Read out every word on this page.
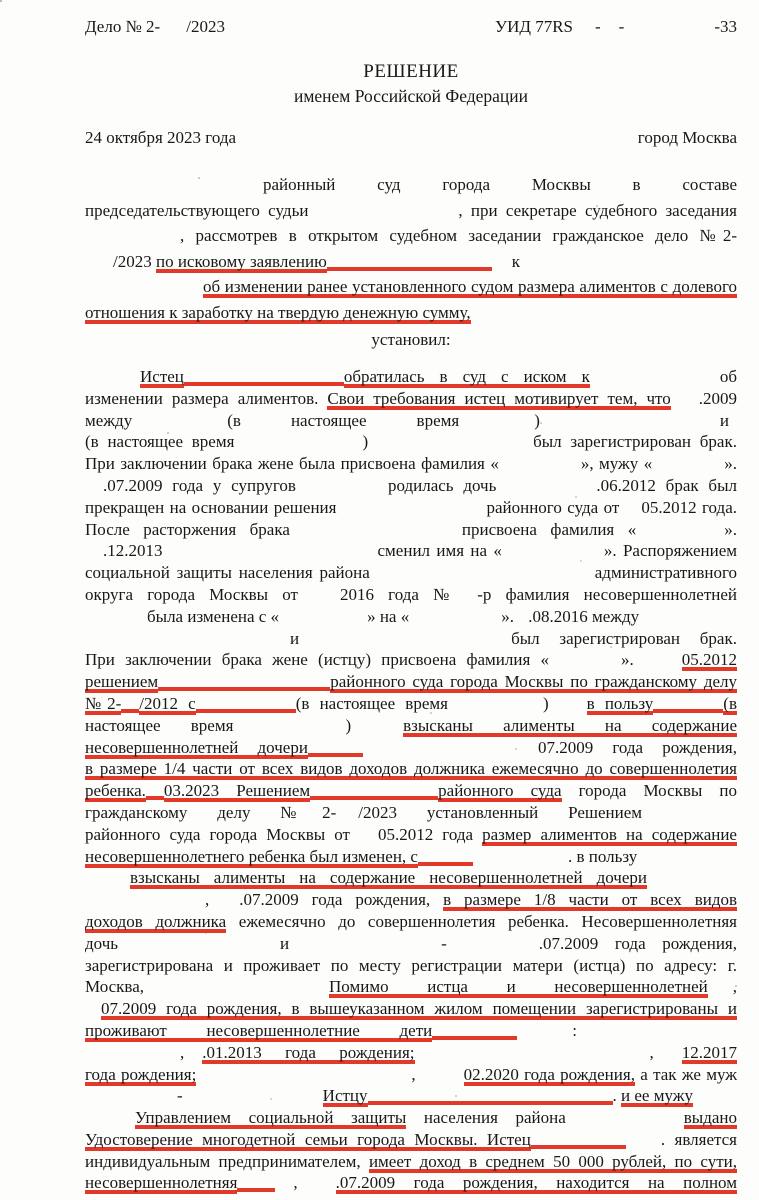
Дело № 2- /2023	УИД 77RS - -	-33
РЕШЕНИЕ
именем Российской Федерации
24 октября 2023 года	город Москва
районный суд города Москвы в составе
председательствующего судьи	, при секретаре судебного заседания
, рассмотрев в открытом судебном заседании гражданское дело №2-
/2023 по исковому заявлению	к
об изменении ранее установленного судом размера алиментов с долевого
отношения к заработку на твердую денежную сумму,
установил:
Истец	обратилась в суд с иском к	об
изменении размера алиментов. Свои требования истец мотивирует тем, что .2009
между	(в настоящее время	)	и
(в настоящее время	)	был зарегистрирован брак.
При заключении брака жене была присвоена фамилия «	», мужу «	».
.07.2009 года у супругов	родилась дочь	.06.2012 брак был
прекращен на основании решения	районного суда от 05.2012 года.
После расторжения брака	присвоена фамилия «	».
.12.2013	сменил имя на «	». Распоряжением
социальной защиты населения района	административного
округа города Москвы от 2016 года № -р фамилия несовершеннолетней
была изменена с «	» на «	». .08.2016 между
и	был зарегистрирован брак.
При заключении брака жене (истцу) присвоена фамилия «	».	05.2012
решением	районного суда города Москвы по гражданскому делу
№2- /2012 с	(в настоящее время	) в пользу	(в
настоящее время	)	взысканы алименты на содержание
несовершеннолетней дочери	07.2009 года рождения,
в размере 1/4 части от всех видов доходов должника ежемесячно до совершеннолетия
ребенка. 03.2023 Решением	районного суда города Москвы по
гражданскому делу №2- /2023 установленный Решением
районного суда города Москвы от 05.2012 года размер алиментов на содержание
несовершеннолетнего ребенка был изменен, с	. в пользу
взысканы алименты на содержание несовершеннолетней дочери
, .07.2009 года рождения, в размере 1/8 части от всех видов
доходов должника ежемесячно до совершеннолетия ребенка. Несовершеннолетняя
дочь	и	-	.07.2009 года рождения,
зарегистрирована и проживает по месту регистрации матери (истца) по адресу: г.
Москва,	Помимо истца и несовершеннолетней ,
07.2009 года рождения, в вышеуказанном жилом помещении зарегистрированы и
проживают несовершеннолетние дети	:
, .01.2013 года рождения;	, 12.2017
года рождения;	,	02.2020 года рождения, а так же муж
-	Истцу	. и ее мужу
Управлением социальной защиты населения района	выдано
Удостоверение многодетной семьи города Москвы. Истец	. является
индивидуальным предпринимателем, имеет доход в среднем 50 000 рублей, по сути,
несовершеннолетняя	, .07.2009 года рождения, находится на полном
